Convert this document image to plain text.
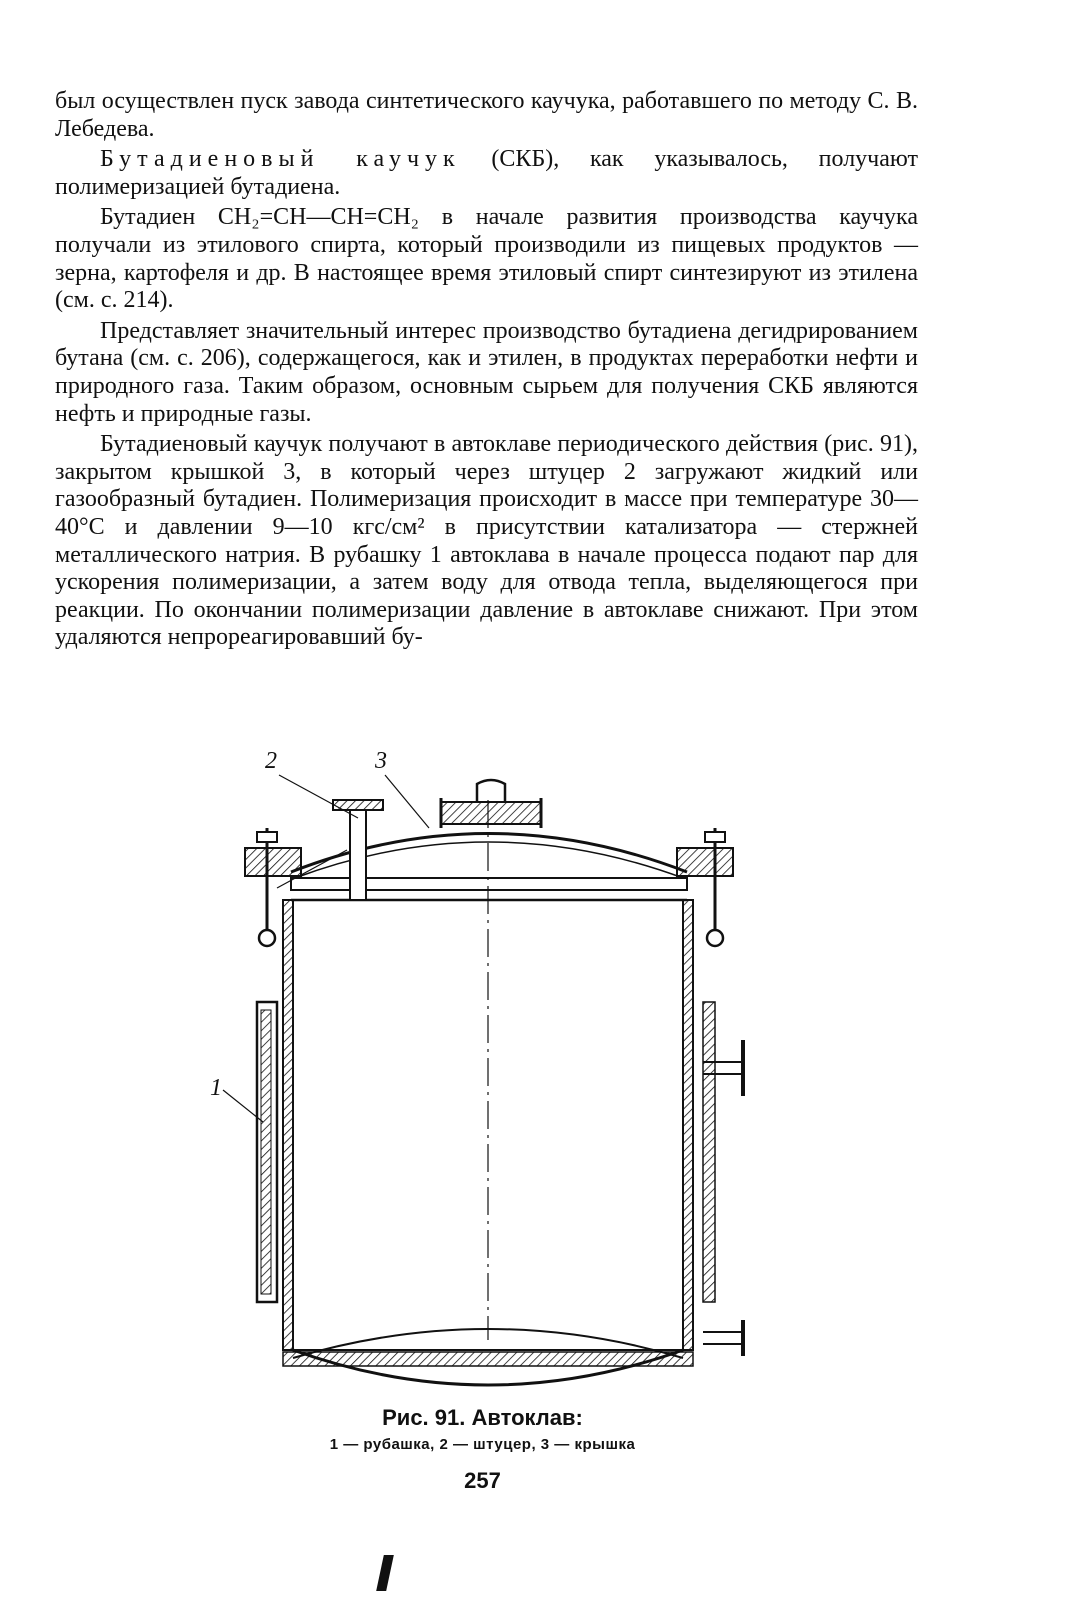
был осуществлен пуск завода синтетического каучука, работавшего по методу С. В. Лебедева.

Бутадиеновый каучук (СКБ), как указывалось, получают полимеризацией бутадиена.

Бутадиен CH₂=CH—CH=CH₂ в начале развития производства каучука получали из этилового спирта, который производили из пищевых продуктов — зерна, картофеля и др. В настоящее время этиловый спирт синтезируют из этилена (см. с. 214).

Представляет значительный интерес производство бутадиена дегидрированием бутана (см. с. 206), содержащегося, как и этилен, в продуктах переработки нефти и природного газа. Таким образом, основным сырьем для получения СКБ являются нефть и природные газы.

Бутадиеновый каучук получают в автоклаве периодического действия (рис. 91), закрытом крышкой 3, в который через штуцер 2 загружают жидкий или газообразный бутадиен. Полимеризация происходит в массе при температуре 30—40°C и давлении 9—10 кгс/см² в присутствии катализатора — стержней металлического натрия. В рубашку 1 автоклава в начале процесса подают пар для ускорения полимеризации, а затем воду для отвода тепла, выделяющегося при реакции. По окончании полимеризации давление в автоклаве снижают. При этом удаляются непрореагировавший бу-

2	3
1
Рис. 91. Автоклав:
1 — рубашка, 2 — штуцер, 3 — крышка
257
